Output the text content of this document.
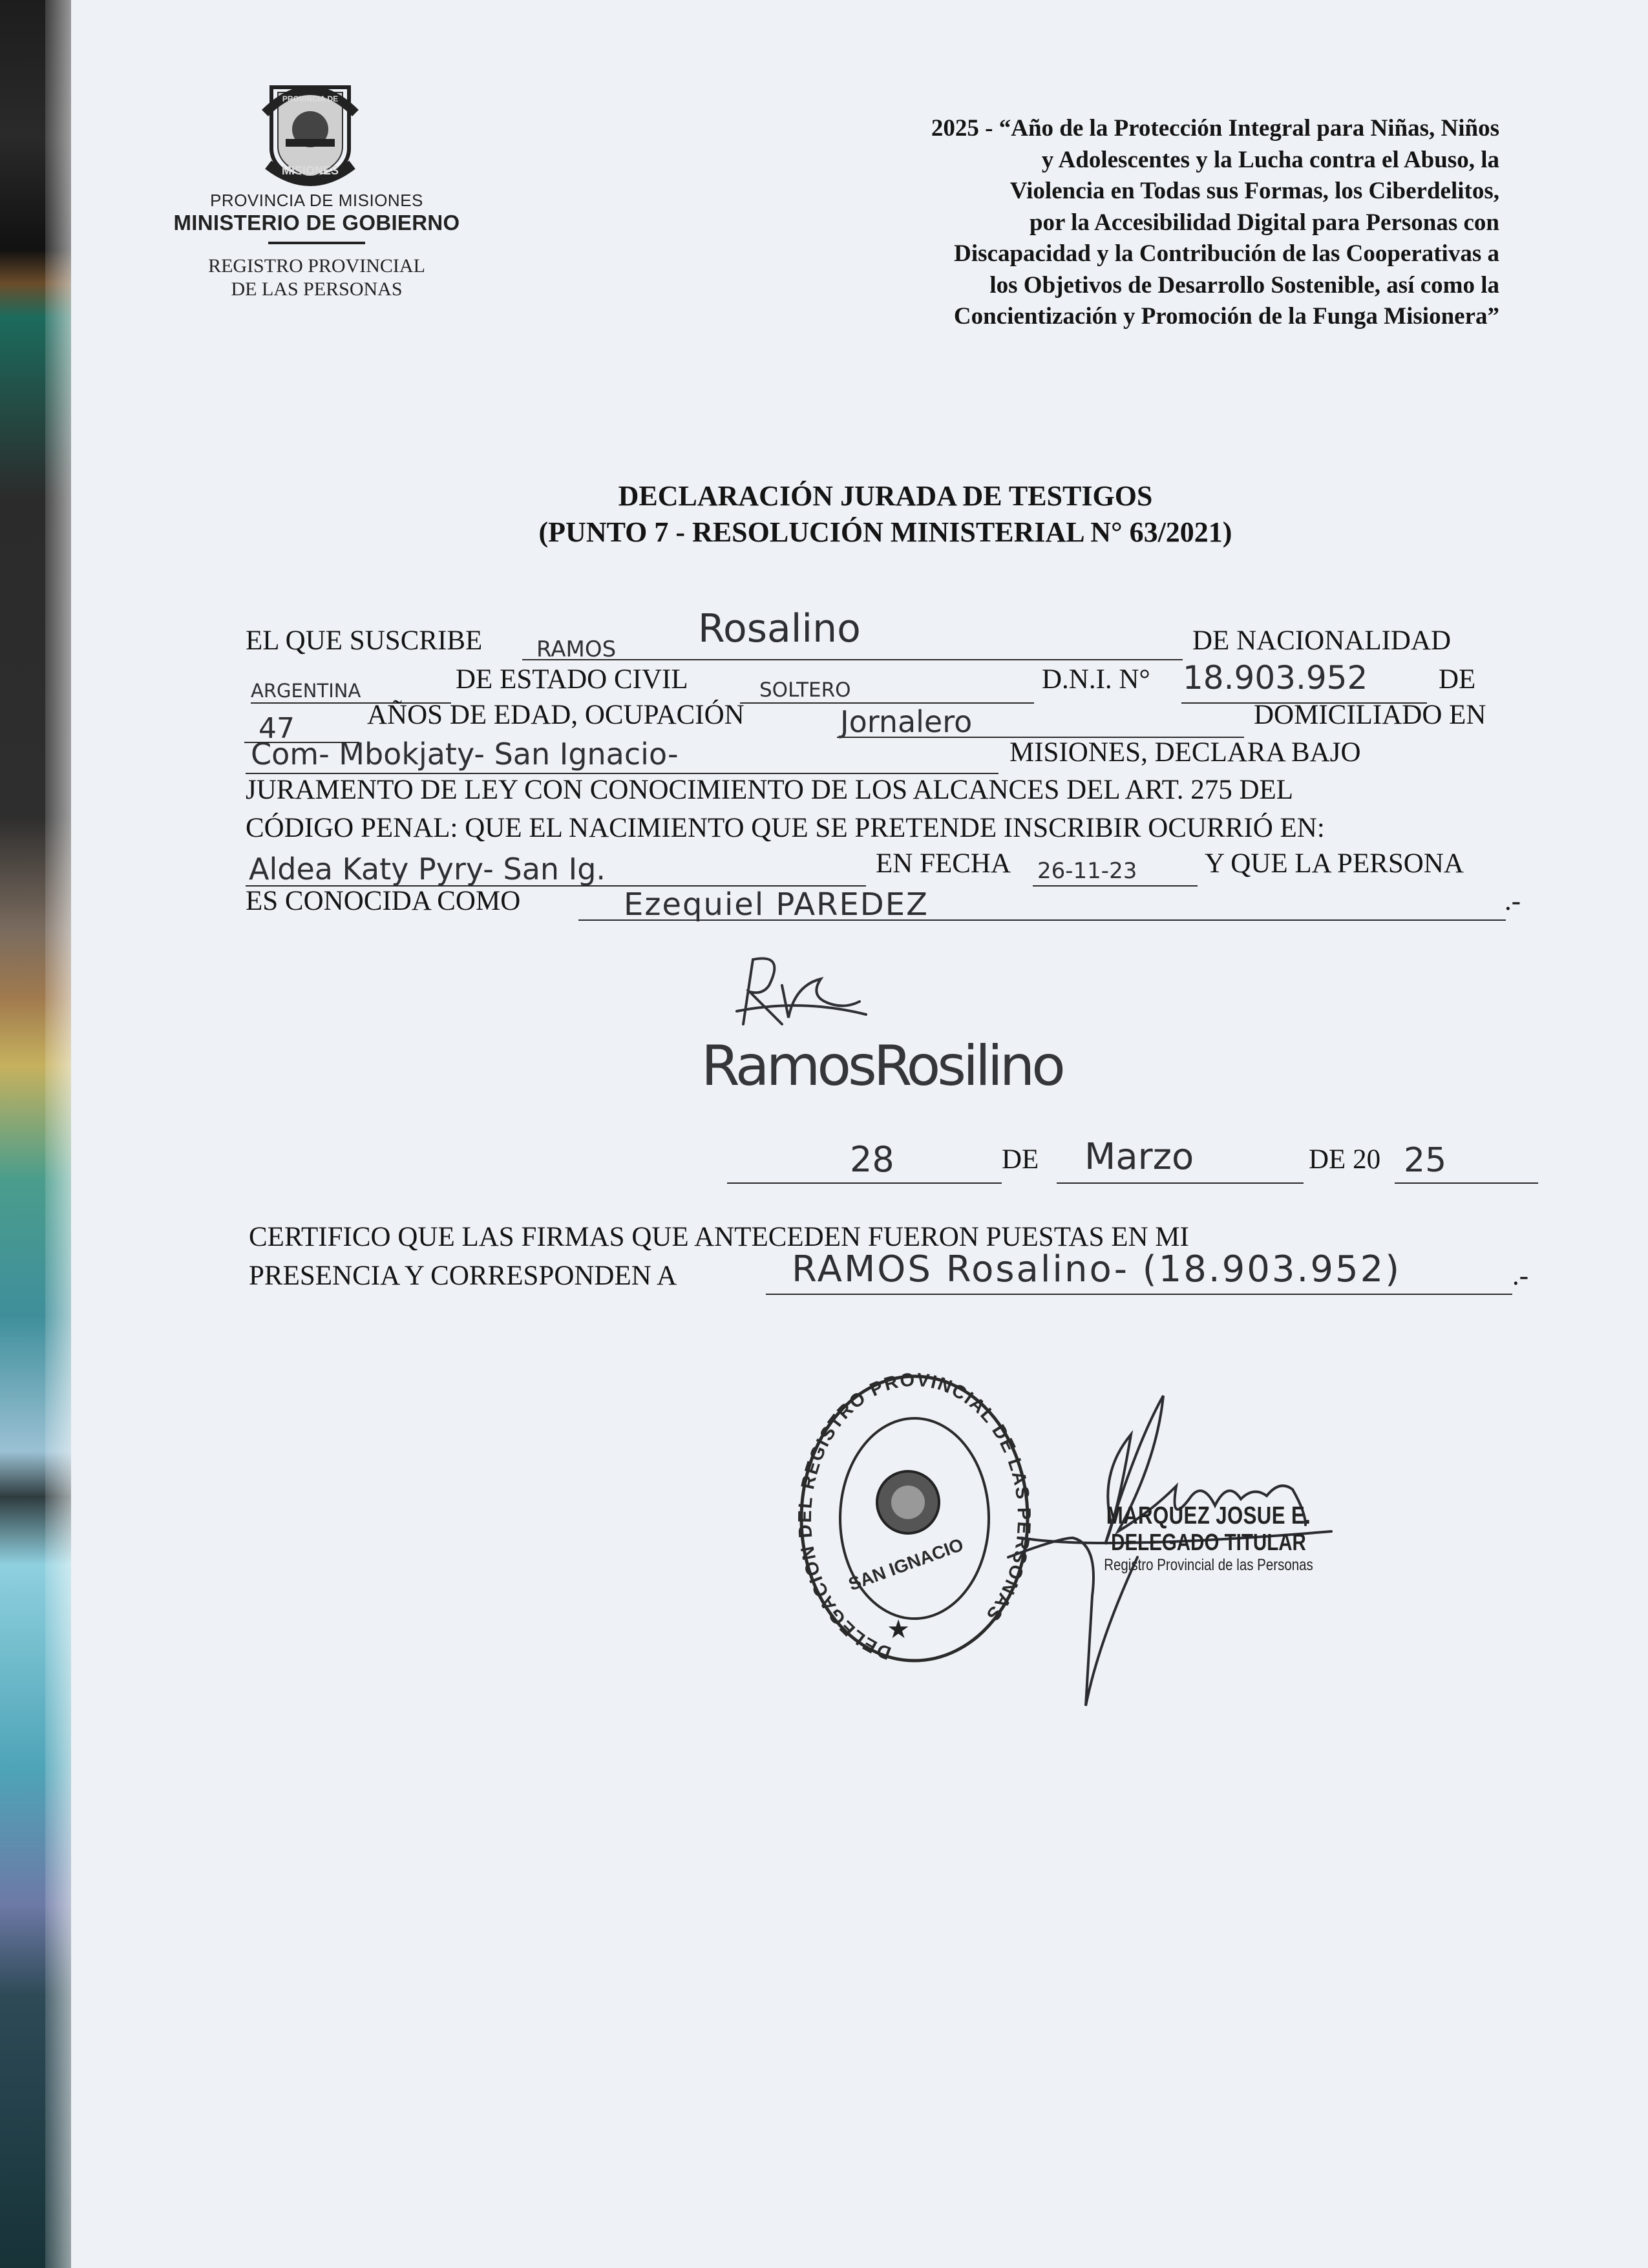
MISIONES
PROVINCIA DE
PROVINCIA DE MISIONES
MINISTERIO DE GOBIERNO
REGISTRO PROVINCIAL
DE LAS PERSONAS
2025 - “Año de la Protección Integral para Niñas, Niños
y Adolescentes y la Lucha contra el Abuso, la
Violencia en Todas sus Formas, los Ciberdelitos,
por la Accesibilidad Digital para Personas con
Discapacidad y la Contribución de las Cooperativas a
los Objetivos de Desarrollo Sostenible, así como la
Concientización y Promoción de la Funga Misionera”
DECLARACIÓN JURADA DE TESTIGOS
(PUNTO 7 - RESOLUCIÓN MINISTERIAL N° 63/2021)
EL QUE SUSCRIBE RAMOS Rosalino	DE NACIONALIDAD
ARGENTINA	DE ESTADO CIVIL	SOLTERO	D.N.I. N° 18.903.952	DE
47	AÑOS DE EDAD, OCUPACIÓN	Jornalero	DOMICILIADO EN
Com- Mbokjaty- San Ignacio-	MISIONES, DECLARA BAJO
JURAMENTO DE LEY CON CONOCIMIENTO DE LOS ALCANCES DEL ART. 275 DEL
CÓDIGO PENAL: QUE EL NACIMIENTO QUE SE PRETENDE INSCRIBIR OCURRIÓ EN:
Aldea Katy Pyry- San Ig.	EN FECHA 26-11-23 Y QUE LA PERSONA
ES CONOCIDA COMO	Ezequiel PAREDEZ	.-
RamosRosilino
28	DE Marzo	DE 20 25
CERTIFICO QUE LAS FIRMAS QUE ANTECEDEN FUERON PUESTAS EN MI
PRESENCIA Y CORRESPONDEN A	RAMOS Rosalino- (18.903.952)	.-
DELEGACION DEL REGISTRO PROVINCIAL DE LAS PERSONAS
SAN IGNACIO
★
MARQUEZ JOSUE E.
DELEGADO TITULAR
Registro Provincial de las Personas
